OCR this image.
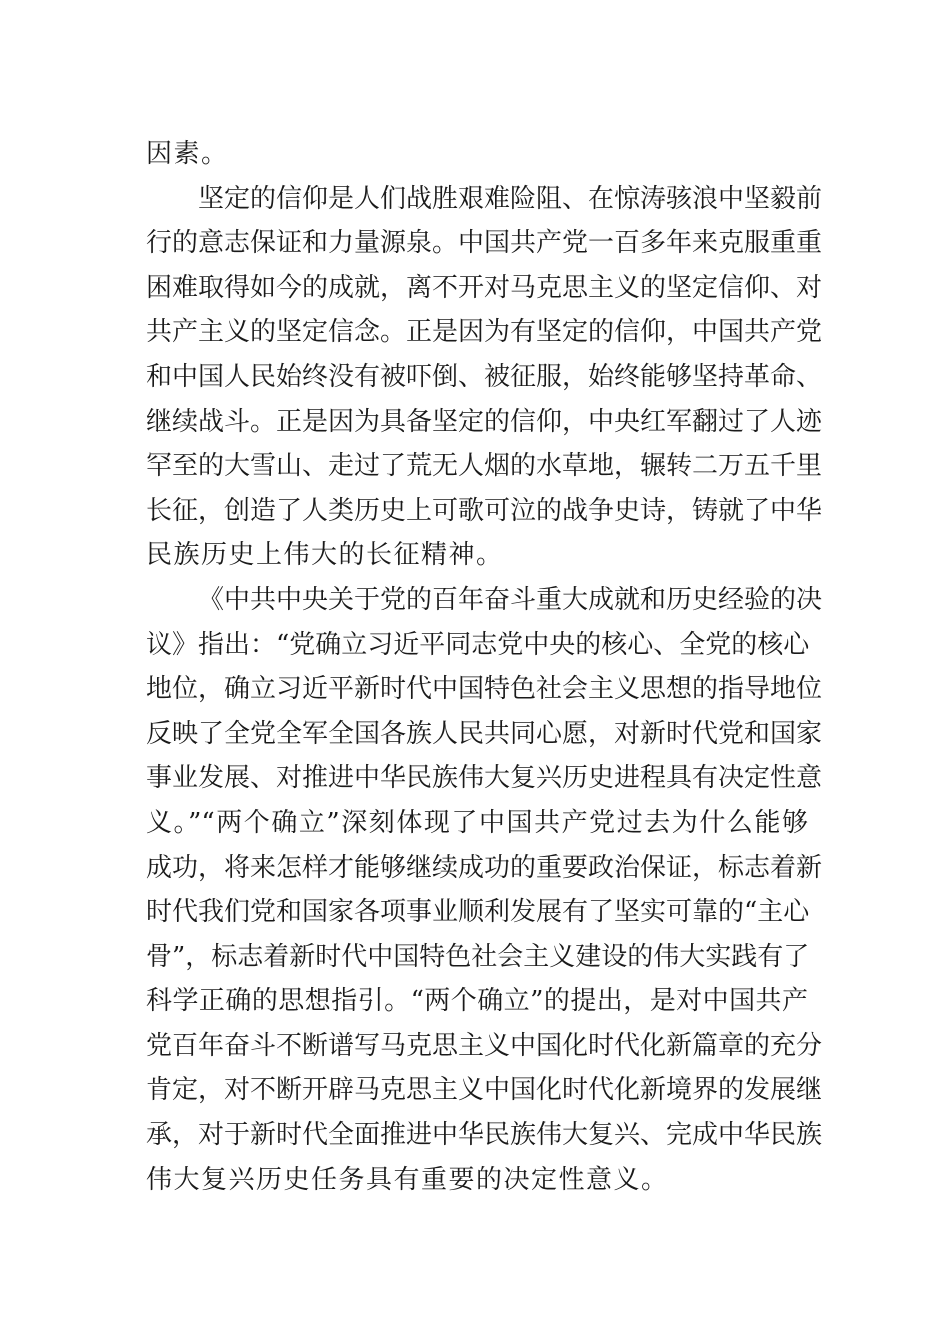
因素。
坚定的信仰是人们战胜艰难险阻、在惊涛骇浪中坚毅前
行的意志保证和力量源泉。中国共产党一百多年来克服重重
困难取得如今的成就，离不开对马克思主义的坚定信仰、对
共产主义的坚定信念。正是因为有坚定的信仰，中国共产党
和中国人民始终没有被吓倒、被征服，始终能够坚持革命、
继续战斗。正是因为具备坚定的信仰，中央红军翻过了人迹
罕至的大雪山、走过了荒无人烟的水草地，辗转二万五千里
长征，创造了人类历史上可歌可泣的战争史诗，铸就了中华
民族历史上伟大的长征精神。
《中共中央关于党的百年奋斗重大成就和历史经验的决
议》指出：“党确立习近平同志党中央的核心、全党的核心
地位，确立习近平新时代中国特色社会主义思想的指导地位
反映了全党全军全国各族人民共同心愿，对新时代党和国家
事业发展、对推进中华民族伟大复兴历史进程具有决定性意
义。”“两个确立”深刻体现了中国共产党过去为什么能够
成功，将来怎样才能够继续成功的重要政治保证，标志着新
时代我们党和国家各项事业顺利发展有了坚实可靠的“主心
骨”，标志着新时代中国特色社会主义建设的伟大实践有了
科学正确的思想指引。“两个确立”的提出，是对中国共产
党百年奋斗不断谱写马克思主义中国化时代化新篇章的充分
肯定，对不断开辟马克思主义中国化时代化新境界的发展继
承，对于新时代全面推进中华民族伟大复兴、完成中华民族
伟大复兴历史任务具有重要的决定性意义。
